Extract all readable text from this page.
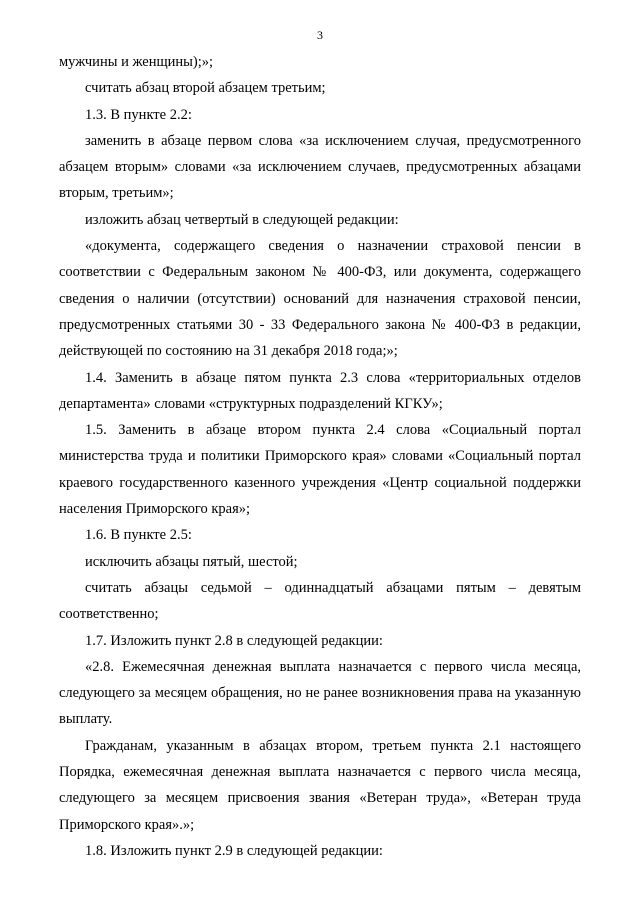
3

мужчины и женщины);»;

считать абзац второй абзацем третьим;

1.3. В пункте 2.2:

заменить в абзаце первом слова «за исключением случая, предусмотренного абзацем вторым» словами «за исключением случаев, предусмотренных абзацами вторым, третьим»;

изложить абзац четвертый в следующей редакции:

«документа, содержащего сведения о назначении страховой пенсии в соответствии с Федеральным законом № 400-ФЗ, или документа, содержащего сведения о наличии (отсутствии) оснований для назначения страховой пенсии, предусмотренных статьями 30 - 33 Федерального закона № 400-ФЗ в редакции, действующей по состоянию на 31 декабря 2018 года;»;

1.4. Заменить в абзаце пятом пункта 2.3 слова «территориальных отделов департамента» словами «структурных подразделений КГКУ»;

1.5. Заменить в абзаце втором пункта 2.4 слова «Социальный портал министерства труда и политики Приморского края» словами «Социальный портал краевого государственного казенного учреждения «Центр социальной поддержки населения Приморского края»;

1.6. В пункте 2.5:

исключить абзацы пятый, шестой;

считать абзацы седьмой – одиннадцатый абзацами пятым – девятым соответственно;

1.7. Изложить пункт 2.8 в следующей редакции:

«2.8. Ежемесячная денежная выплата назначается с первого числа месяца, следующего за месяцем обращения, но не ранее возникновения права на указанную выплату.

Гражданам, указанным в абзацах втором, третьем пункта 2.1 настоящего Порядка, ежемесячная денежная выплата назначается с первого числа месяца, следующего за месяцем присвоения звания «Ветеран труда», «Ветеран труда Приморского края».»;

1.8. Изложить пункт 2.9 в следующей редакции:
